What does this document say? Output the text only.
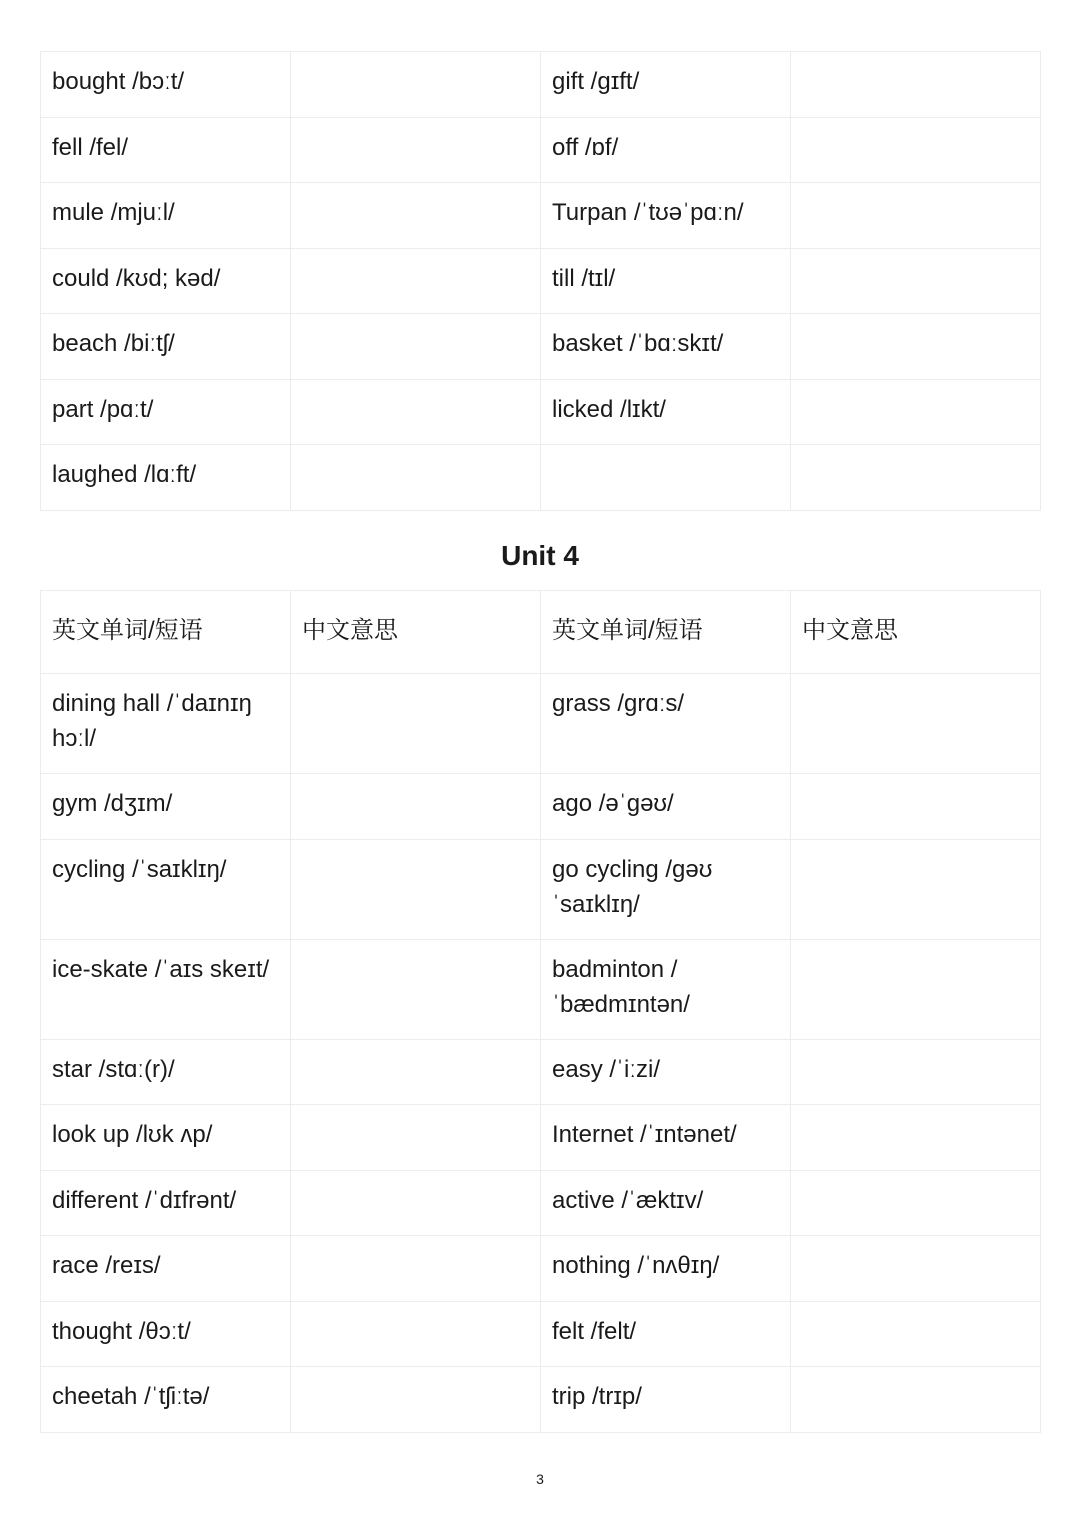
bought /bɔːt/		gift /ɡɪft/	
fell /fel/		off /ɒf/	
mule /mjuːl/		Turpan /ˈtʊəˈpɑːn/	
could /kʊd; kəd/		till /tɪl/	
beach /biːtʃ/		basket /ˈbɑːskɪt/	
part /pɑːt/		licked /lɪkt/	
laughed /lɑːft/			
Unit 4
英文单词/短语	中文意思	英文单词/短语	中文意思
dining hall /ˈdaɪnɪŋ hɔːl/		grass /ɡrɑːs/	
gym /dʒɪm/		ago /əˈɡəʊ/	
cycling /ˈsaɪklɪŋ/		go cycling /ɡəʊ ˈsaɪklɪŋ/	
ice-skate /ˈaɪs skeɪt/		badminton /ˈbædmɪntən/	
star /stɑː(r)/		easy /ˈiːzi/	
look up /lʊk ʌp/		Internet /ˈɪntənet/	
different /ˈdɪfrənt/		active /ˈæktɪv/	
race /reɪs/		nothing /ˈnʌθɪŋ/	
thought /θɔːt/		felt /felt/	
cheetah /ˈtʃiːtə/		trip /trɪp/	
3
